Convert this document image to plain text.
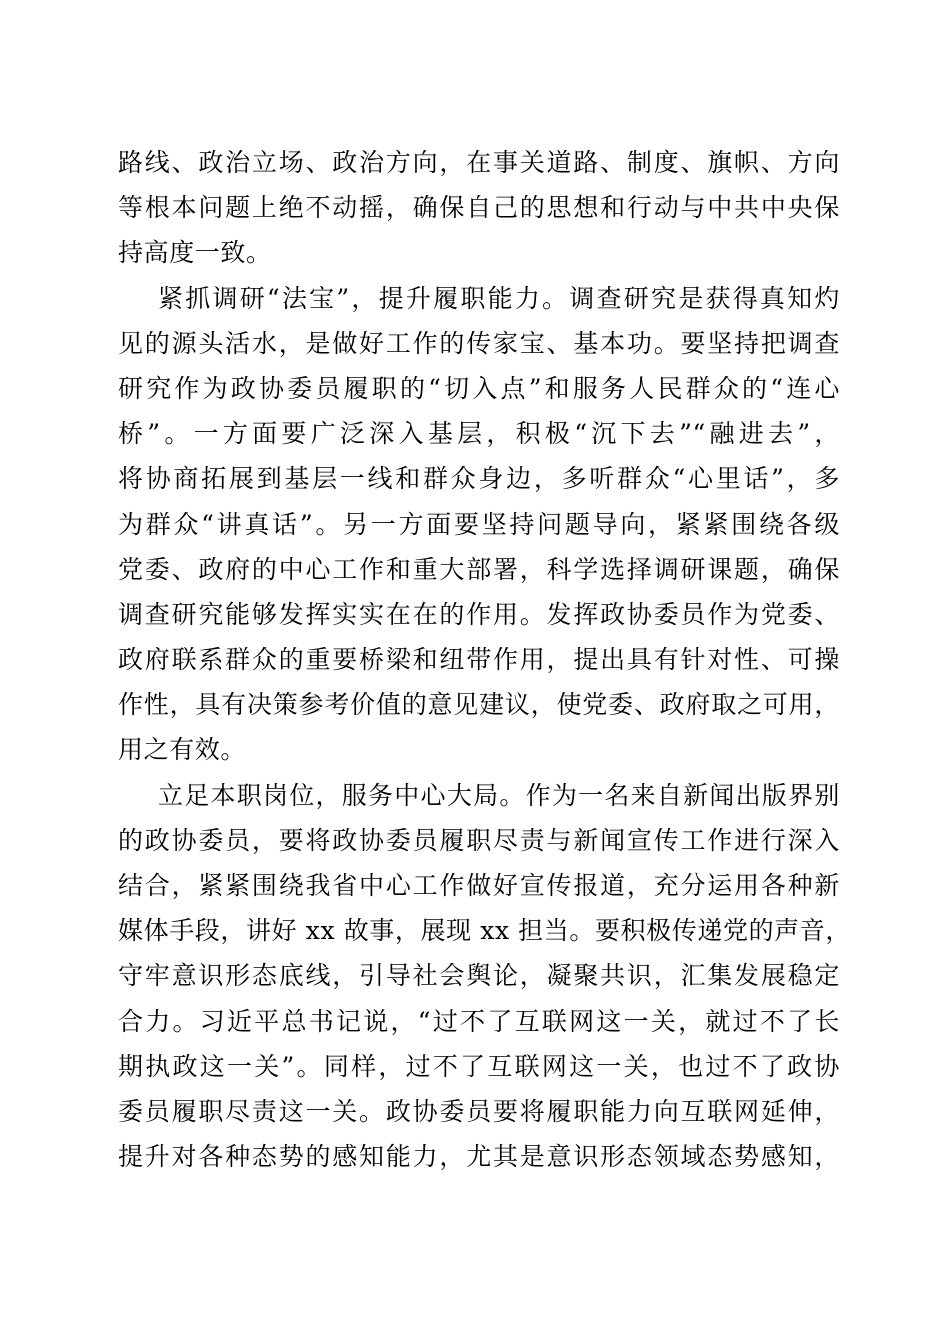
路线、政治立场、政治方向，在事关道路、制度、旗帜、方向
等根本问题上绝不动摇，确保自己的思想和行动与中共中央保
持高度一致。

紧抓调研“法宝”，提升履职能力。调查研究是获得真知灼
见的源头活水，是做好工作的传家宝、基本功。要坚持把调查
研究作为政协委员履职的“切入点”和服务人民群众的“连心
桥”。一方面要广泛深入基层，积极“沉下去”“融进去”，
将协商拓展到基层一线和群众身边，多听群众“心里话”，多
为群众“讲真话”。另一方面要坚持问题导向，紧紧围绕各级
党委、政府的中心工作和重大部署，科学选择调研课题，确保
调查研究能够发挥实实在在的作用。发挥政协委员作为党委、
政府联系群众的重要桥梁和纽带作用，提出具有针对性、可操
作性，具有决策参考价值的意见建议，使党委、政府取之可用，
用之有效。

立足本职岗位，服务中心大局。作为一名来自新闻出版界别
的政协委员，要将政协委员履职尽责与新闻宣传工作进行深入
结合，紧紧围绕我省中心工作做好宣传报道，充分运用各种新
媒体手段，讲好 xx 故事，展现 xx 担当。要积极传递党的声音，
守牢意识形态底线，引导社会舆论，凝聚共识，汇集发展稳定
合力。习近平总书记说，“过不了互联网这一关，就过不了长
期执政这一关”。同样，过不了互联网这一关，也过不了政协
委员履职尽责这一关。政协委员要将履职能力向互联网延伸，
提升对各种态势的感知能力，尤其是意识形态领域态势感知，
